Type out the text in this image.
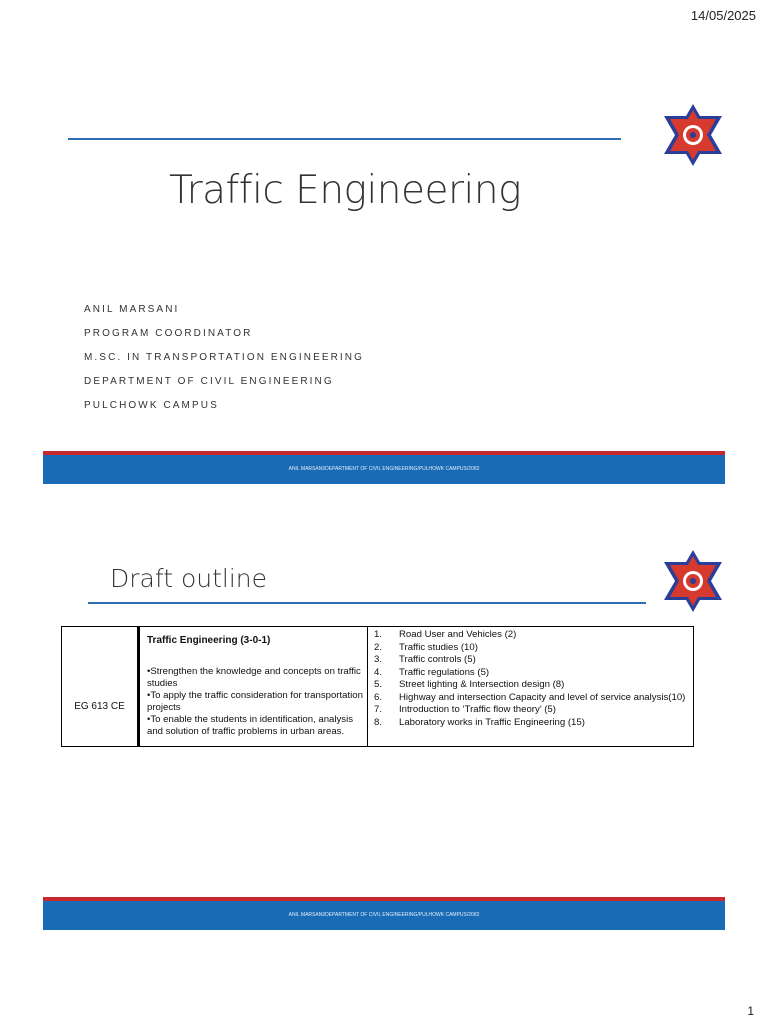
14/05/2025
1
Traffic Engineering
ANIL MARSANI
PROGRAM COORDINATOR
M.SC. IN TRANSPORTATION ENGINEERING
DEPARTMENT OF CIVIL ENGINEERING
PULCHOWK CAMPUS
ANIL MARSANI/DEPARTMENT OF CIVIL ENGINEERING/PULHOWK CAMPUS/2082
Draft outline
EG 613 CE

Traffic Engineering (3-0-1)
•Strengthen the knowledge and concepts on traffic studies
•To apply the traffic consideration for transportation projects
•To enable the students in identification, analysis and solution of traffic problems in urban areas.

1.	Road User and Vehicles (2)
2.	Traffic studies (10)
3.	Traffic controls (5)
4.	Traffic regulations (5)
5.	Street lighting & Intersection design (8)
6.	Highway and intersection Capacity and level of service analysis(10)
7.	Introduction to ‘Traffic flow theory’ (5)
8.	Laboratory works in Traffic Engineering (15)
ANIL MARSANI/DEPARTMENT OF CIVIL ENGINEERING/PULHOWK CAMPUS/2082
